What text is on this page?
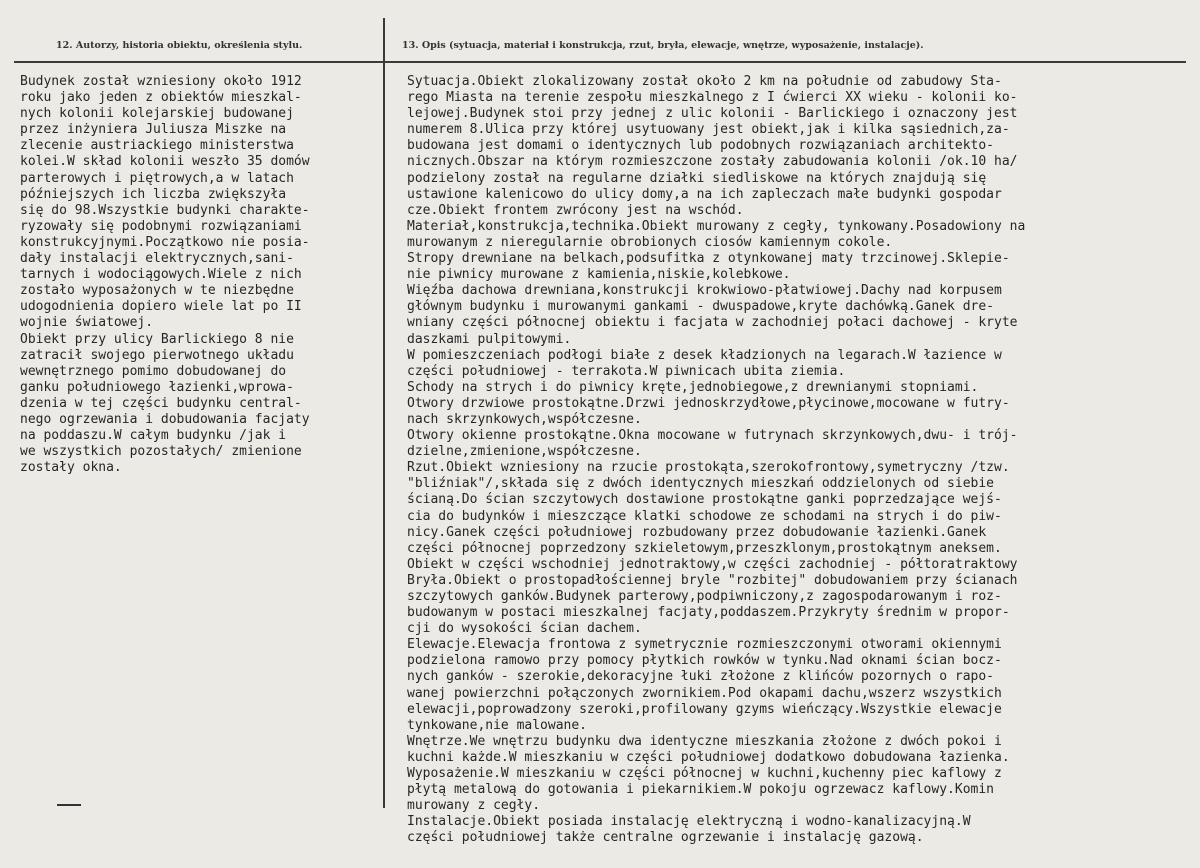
12. Autorzy, historia obiektu, określenia stylu.	13. Opis (sytuacja, materiał i konstrukcja, rzut, bryła, elewacje, wnętrze, wyposażenie, instalacje).
Budynek został wzniesiony około 1912
roku jako jeden z obiektów mieszkal-
nych kolonii kolejarskiej budowanej
przez inżyniera Juliusza Miszke na
zlecenie austriackiego ministerstwa
kolei.W skład kolonii weszło 35 domów
parterowych i piętrowych,a w latach
późniejszych ich liczba zwiększyła
się do 98.Wszystkie budynki charakte-
ryzowały się podobnymi rozwiązaniami
konstrukcyjnymi.Początkowo nie posia-
dały instalacji elektrycznych,sani-
tarnych i wodociągowych.Wiele z nich
zostało wyposażonych w te niezbędne
udogodnienia dopiero wiele lat po II
wojnie światowej.
Obiekt przy ulicy Barlickiego 8 nie
zatracił swojego pierwotnego układu
wewnętrznego pomimo dobudowanej do
ganku południowego łazienki,wprowa-
dzenia w tej części budynku central-
nego ogrzewania i dobudowania facjaty
na poddaszu.W całym budynku /jak i
we wszystkich pozostałych/ zmienione
zostały okna.
Sytuacja.Obiekt zlokalizowany został około 2 km na południe od zabudowy Sta-
rego Miasta na terenie zespołu mieszkalnego z I ćwierci XX wieku - kolonii ko-
lejowej.Budynek stoi przy jednej z ulic kolonii - Barlickiego i oznaczony jest
numerem 8.Ulica przy której usytuowany jest obiekt,jak i kilka sąsiednich,za-
budowana jest domami o identycznych lub podobnych rozwiązaniach architekto-
nicznych.Obszar na którym rozmieszczone zostały zabudowania kolonii /ok.10 ha/
podzielony został na regularne działki siedliskowe na których znajdują się
ustawione kalenicowo do ulicy domy,a na ich zapleczach małe budynki gospodar
cze.Obiekt frontem zwrócony jest na wschód.
Materiał,konstrukcja,technika.Obiekt murowany z cegły, tynkowany.Posadowiony na
murowanym z nieregularnie obrobionych ciosów kamiennym cokole.
Stropy drewniane na belkach,podsufitka z otynkowanej maty trzcinowej.Sklepie-
nie piwnicy murowane z kamienia,niskie,kolebkowe.
Więźba dachowa drewniana,konstrukcji krokwiowo-płatwiowej.Dachy nad korpusem
głównym budynku i murowanymi gankami - dwuspadowe,kryte dachówką.Ganek dre-
wniany części północnej obiektu i facjata w zachodniej połaci dachowej - kryte
daszkami pulpitowymi.
W pomieszczeniach podłogi białe z desek kładzionych na legarach.W łazience w
części południowej - terrakota.W piwnicach ubita ziemia.
Schody na strych i do piwnicy kręte,jednobiegowe,z drewnianymi stopniami.
Otwory drzwiowe prostokątne.Drzwi jednoskrzydłowe,płycinowe,mocowane w futry-
nach skrzynkowych,współczesne.
Otwory okienne prostokątne.Okna mocowane w futrynach skrzynkowych,dwu- i trój-
dzielne,zmienione,współczesne.
Rzut.Obiekt wzniesiony na rzucie prostokąta,szerokofrontowy,symetryczny /tzw.
"bliźniak"/,składa się z dwóch identycznych mieszkań oddzielonych od siebie
ścianą.Do ścian szczytowych dostawione prostokątne ganki poprzedzające wejś-
cia do budynków i mieszczące klatki schodowe ze schodami na strych i do piw-
nicy.Ganek części południowej rozbudowany przez dobudowanie łazienki.Ganek
części północnej poprzedzony szkieletowym,przeszklonym,prostokątnym aneksem.
Obiekt w części wschodniej jednotraktowy,w części zachodniej - półtoratraktowy
Bryła.Obiekt o prostopadłościennej bryle "rozbitej" dobudowaniem przy ścianach
szczytowych ganków.Budynek parterowy,podpiwniczony,z zagospodarowanym i roz-
budowanym w postaci mieszkalnej facjaty,poddaszem.Przykryty średnim w propor-
cji do wysokości ścian dachem.
Elewacje.Elewacja frontowa z symetrycznie rozmieszczonymi otworami okiennymi
podzielona ramowo przy pomocy płytkich rowków w tynku.Nad oknami ścian bocz-
nych ganków - szerokie,dekoracyjne łuki złożone z klińców pozornych o rapo-
wanej powierzchni połączonych zwornikiem.Pod okapami dachu,wszerz wszystkich
elewacji,poprowadzony szeroki,profilowany gzyms wieńczący.Wszystkie elewacje
tynkowane,nie malowane.
Wnętrze.We wnętrzu budynku dwa identyczne mieszkania złożone z dwóch pokoi i
kuchni każde.W mieszkaniu w części południowej dodatkowo dobudowana łazienka.
Wyposażenie.W mieszkaniu w części północnej w kuchni,kuchenny piec kaflowy z
płytą metalową do gotowania i piekarnikiem.W pokoju ogrzewacz kaflowy.Komin
murowany z cegły.
Instalacje.Obiekt posiada instalację elektryczną i wodno-kanalizacyjną.W
części południowej także centralne ogrzewanie i instalację gazową.
